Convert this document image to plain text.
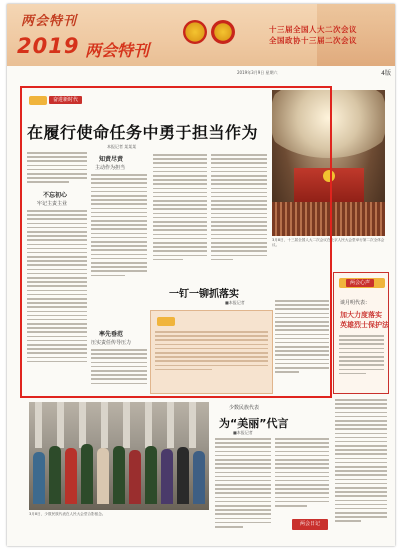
两会特刊
2019 两会特刊
十三届全国人大二次会议
全国政协十三届二次会议
2019年3月9日 星期六	4版
奋进新时代
在履行使命任务中勇于担当作为
本报记者 某某某
不忘初心
牢记主责主业
知责尽责
主动作为担当
率先垂范
压实责任传导压力
3月8日，十三届全国人大二次会议在北京人民大会堂举行第二次全体会议。
一钉一铆抓落实
■本报记者
两会心声
谈月明代表：
加大力度落实
英雄烈士保护法
3月8日，少数民族代表在人民大会堂合影留念。
少数民族代表
为“美丽”代言
■本报记者
两会日记
